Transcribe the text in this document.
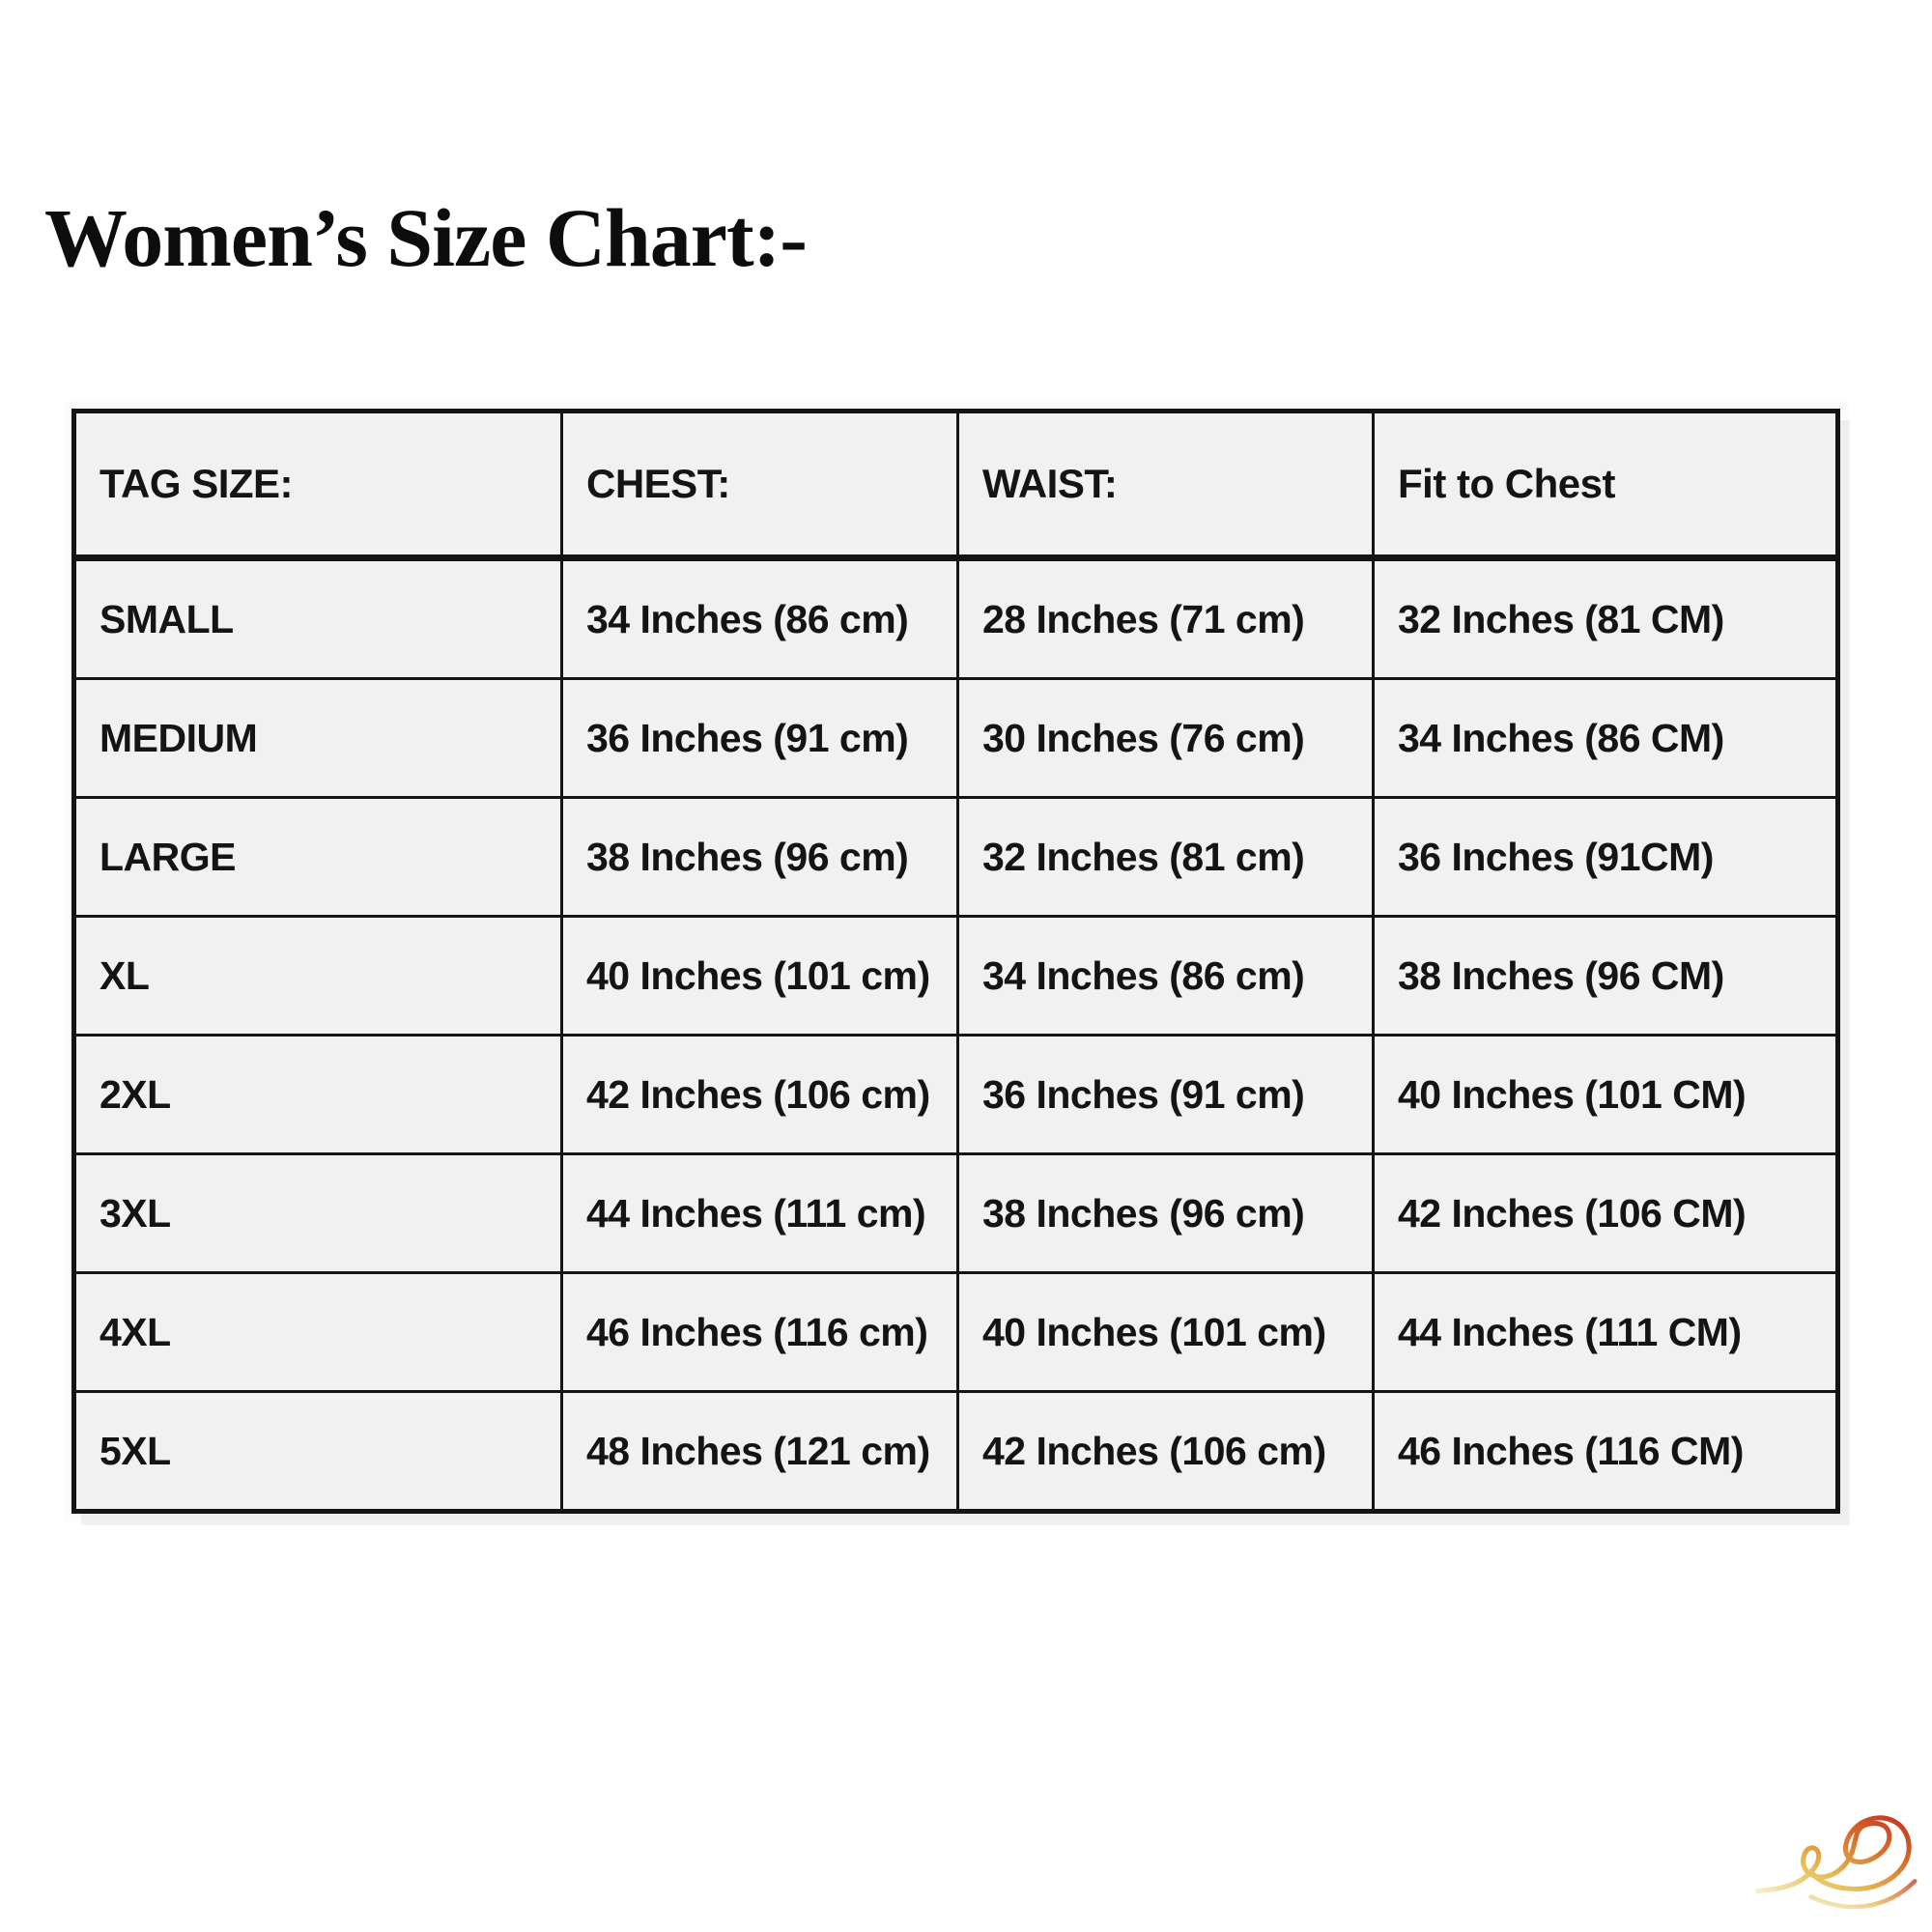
Women’s Size Chart:-
TAG SIZE:	CHEST:	WAIST:	Fit to Chest
SMALL	34 Inches (86 cm)	28 Inches (71 cm)	32 Inches (81 CM)
MEDIUM	36 Inches (91 cm)	30 Inches (76 cm)	34 Inches (86 CM)
LARGE	38 Inches (96 cm)	32 Inches (81 cm)	36 Inches (91CM)
XL	40 Inches (101 cm)	34 Inches (86 cm)	38 Inches (96 CM)
2XL	42 Inches (106 cm)	36 Inches (91 cm)	40 Inches (101 CM)
3XL	44 Inches (111 cm)	38 Inches (96 cm)	42 Inches (106 CM)
4XL	46 Inches (116 cm)	40 Inches (101 cm)	44 Inches (111 CM)
5XL	48 Inches (121 cm)	42 Inches (106 cm)	46 Inches (116 CM)
